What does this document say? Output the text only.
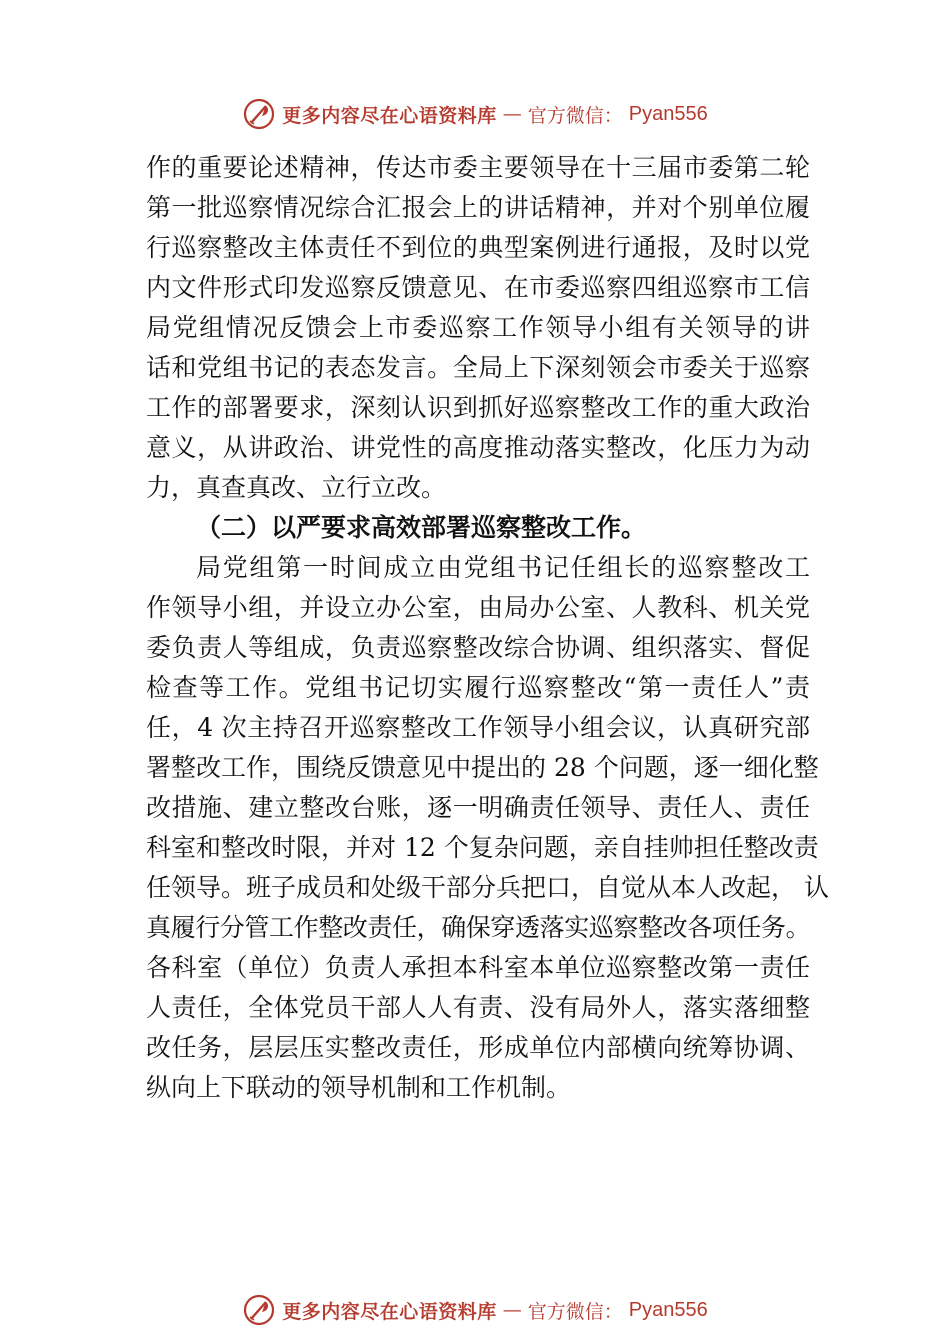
更多内容尽在心语资料库 — 官方微信： Pyan556
作的重要论述精神，传达市委主要领导在十三届市委第二轮
第一批巡察情况综合汇报会上的讲话精神，并对个别单位履
行巡察整改主体责任不到位的典型案例进行通报，及时以党
内文件形式印发巡察反馈意见、在市委巡察四组巡察市工信
局党组情况反馈会上市委巡察工作领导小组有关领导的讲
话和党组书记的表态发言。全局上下深刻领会市委关于巡察
工作的部署要求，深刻认识到抓好巡察整改工作的重大政治
意义，从讲政治、讲党性的高度推动落实整改，化压力为动
力，真查真改、立行立改。
（二）以严要求高效部署巡察整改工作。
局党组第一时间成立由党组书记任组长的巡察整改工
作领导小组，并设立办公室，由局办公室、人教科、机关党
委负责人等组成，负责巡察整改综合协调、组织落实、督促
检查等工作。党组书记切实履行巡察整改“第一责任人”责
任，4 次主持召开巡察整改工作领导小组会议，认真研究部
署整改工作，围绕反馈意见中提出的 28 个问题，逐一细化整
改措施、建立整改台账，逐一明确责任领导、责任人、责任
科室和整改时限，并对 12 个复杂问题，亲自挂帅担任整改责
任领导。班子成员和处级干部分兵把口，自觉从本人改起， 认
真履行分管工作整改责任，确保穿透落实巡察整改各项任务。
各科室（单位）负责人承担本科室本单位巡察整改第一责任
人责任，全体党员干部人人有责、没有局外人，落实落细整
改任务，层层压实整改责任，形成单位内部横向统筹协调、
纵向上下联动的领导机制和工作机制。
更多内容尽在心语资料库 — 官方微信： Pyan556
